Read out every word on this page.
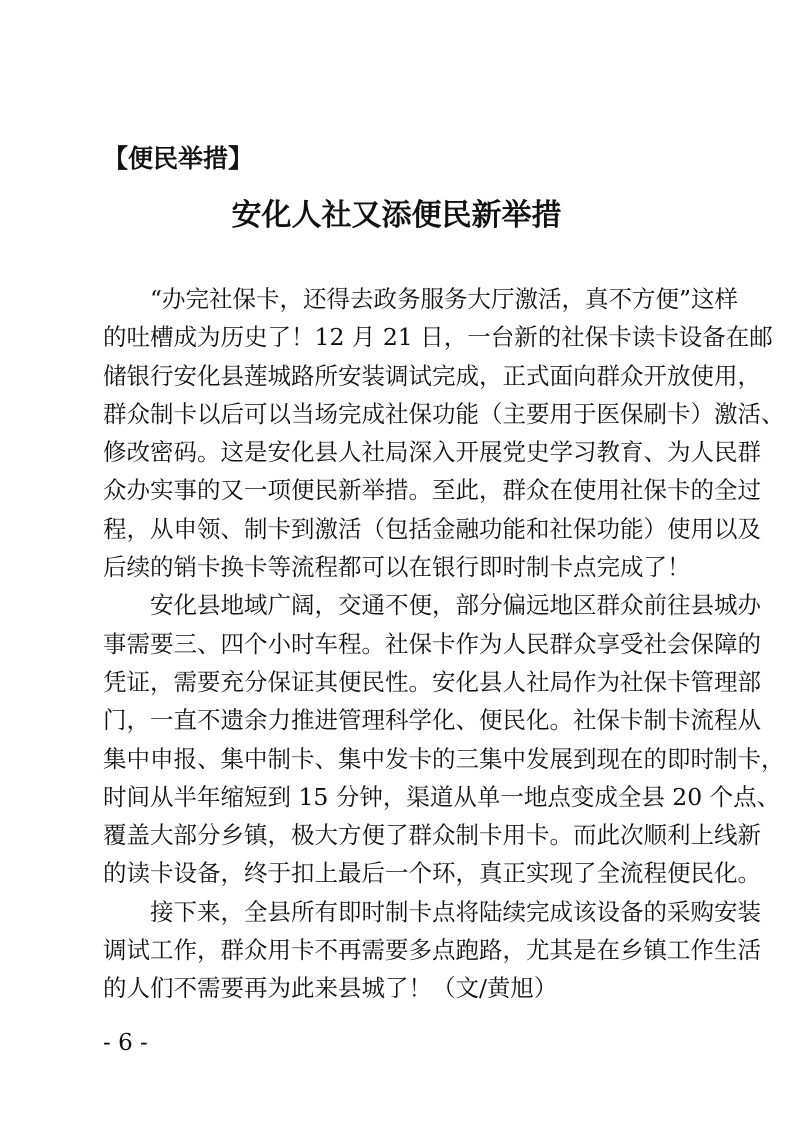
【便民举措】
安化人社又添便民新举措
“办完社保卡，还得去政务服务大厅激活，真不方便”这样
的吐槽成为历史了！12 月 21 日，一台新的社保卡读卡设备在邮
储银行安化县莲城路所安装调试完成，正式面向群众开放使用，
群众制卡以后可以当场完成社保功能（主要用于医保刷卡）激活、
修改密码。这是安化县人社局深入开展党史学习教育、为人民群
众办实事的又一项便民新举措。至此，群众在使用社保卡的全过
程，从申领、制卡到激活（包括金融功能和社保功能）使用以及
后续的销卡换卡等流程都可以在银行即时制卡点完成了！
安化县地域广阔，交通不便，部分偏远地区群众前往县城办
事需要三、四个小时车程。社保卡作为人民群众享受社会保障的
凭证，需要充分保证其便民性。安化县人社局作为社保卡管理部
门，一直不遗余力推进管理科学化、便民化。社保卡制卡流程从
集中申报、集中制卡、集中发卡的三集中发展到现在的即时制卡，
时间从半年缩短到 15 分钟，渠道从单一地点变成全县 20 个点、
覆盖大部分乡镇，极大方便了群众制卡用卡。而此次顺利上线新
的读卡设备，终于扣上最后一个环，真正实现了全流程便民化。
接下来，全县所有即时制卡点将陆续完成该设备的采购安装
调试工作，群众用卡不再需要多点跑路，尤其是在乡镇工作生活
的人们不需要再为此来县城了！（文/黄旭）
- 6 -
